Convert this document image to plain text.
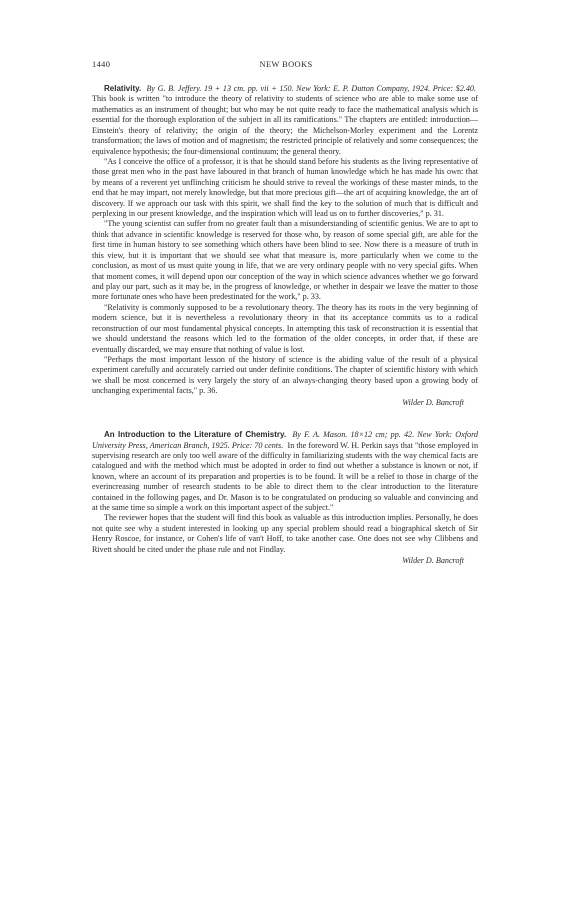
1440	NEW BOOKS

Relativity. By G. B. Jeffery. 19 + 13 cm. pp. vii + 150. New York: E. P. Dutton Company, 1924. Price: $2.40.  This book is written "to introduce the theory of relativity to students of science who are able to make some use of mathematics as an instrument of thought; but who may be not quite ready to face the mathematical analysis which is essential for the thorough exploration of the subject in all its ramifications." The chapters are entitled: introduction—Einstein's theory of relativity; the origin of the theory; the Michelson-Morley experiment and the Lorentz transformation; the laws of motion and of magnetism; the restricted principle of relatively and some consequences; the equivalence hypothesis; the four-dimensional continuum; the general theory.

"As I conceive the office of a professor, it is that he should stand before his students as the living representative of those great men who in the past have laboured in that branch of human knowledge which he has made his own: that by means of a reverent yet unflinching criticism he should strive to reveal the workings of these master minds, to the end that he may impart, not merely knowledge, but that more precious gift—the art of acquiring knowledge, the art of discovery. If we approach our task with this spirit, we shall find the key to the solution of much that is difficult and perplexing in our present knowledge, and the inspiration which will lead us on to further discoveries," p. 31.

"The young scientist can suffer from no greater fault than a misunderstanding of scientific genius. We are to apt to think that advance in scientific knowledge is reserved for those who, by reason of some special gift, are able for the first time in human history to see something which others have been blind to see. Now there is a measure of truth in this view, but it is important that we should see what that measure is, more particularly when we come to the conclusion, as most of us must quite young in life, that we are very ordinary people with no very special gifts. When that moment comes, it will depend upon our conception of the way in which science advances whether we go forward and play our part, such as it may be, in the progress of knowledge, or whether in despair we leave the matter to those more fortunate ones who have been predestinated for the work," p. 33.

"Relativity is commonly supposed to be a revolutionary theory. The theory has its roots in the very beginning of modern science, but it is nevertheless a revolutionary theory in that its acceptance commits us to a radical reconstruction of our most fundamental physical concepts. In attempting this task of reconstruction it is essential that we should understand the reasons which led to the formation of the older concepts, in order that, if these are eventually discarded, we may ensure that nothing of value is lost.

"Perhaps the most important lesson of the history of science is the abiding value of the result of a physical experiment carefully and accurately carried out under definite conditions. The chapter of scientific history with which we shall be most concerned is very largely the story of an always-changing theory based upon a growing body of unchanging experimental facts," p. 36.

Wilder D. Bancroft

An Introduction to the Literature of Chemistry. By F. A. Mason. 18×12 cm; pp. 42. New York: Oxford University Press, American Branch, 1925. Price: 70 cents. In the foreword W. H. Perkin says that "those employed in supervising research are only too well aware of the difficulty in familiarizing students with the way chemical facts are catalogued and with the method which must be adopted in order to find out whether a substance is known or not, if known, where an account of its preparation and properties is to be found. It will be a relief to those in charge of the everincreasing number of research students to be able to direct them to the clear introduction to the literature contained in the following pages, and Dr. Mason is to be congratulated on producing so valuable and convincing and at the same time so simple a work on this important aspect of the subject."

The reviewer hopes that the student will find this book as valuable as this introduction implies. Personally, he does not quite see why a student interested in looking up any special problem should read a biographical sketch of Sir Henry Roscoe, for instance, or Cohen's life of van't Hoff, to take another case. One does not see why Clibbens and Rivett should be cited under the phase rule and not Findlay.

Wilder D. Bancroft
